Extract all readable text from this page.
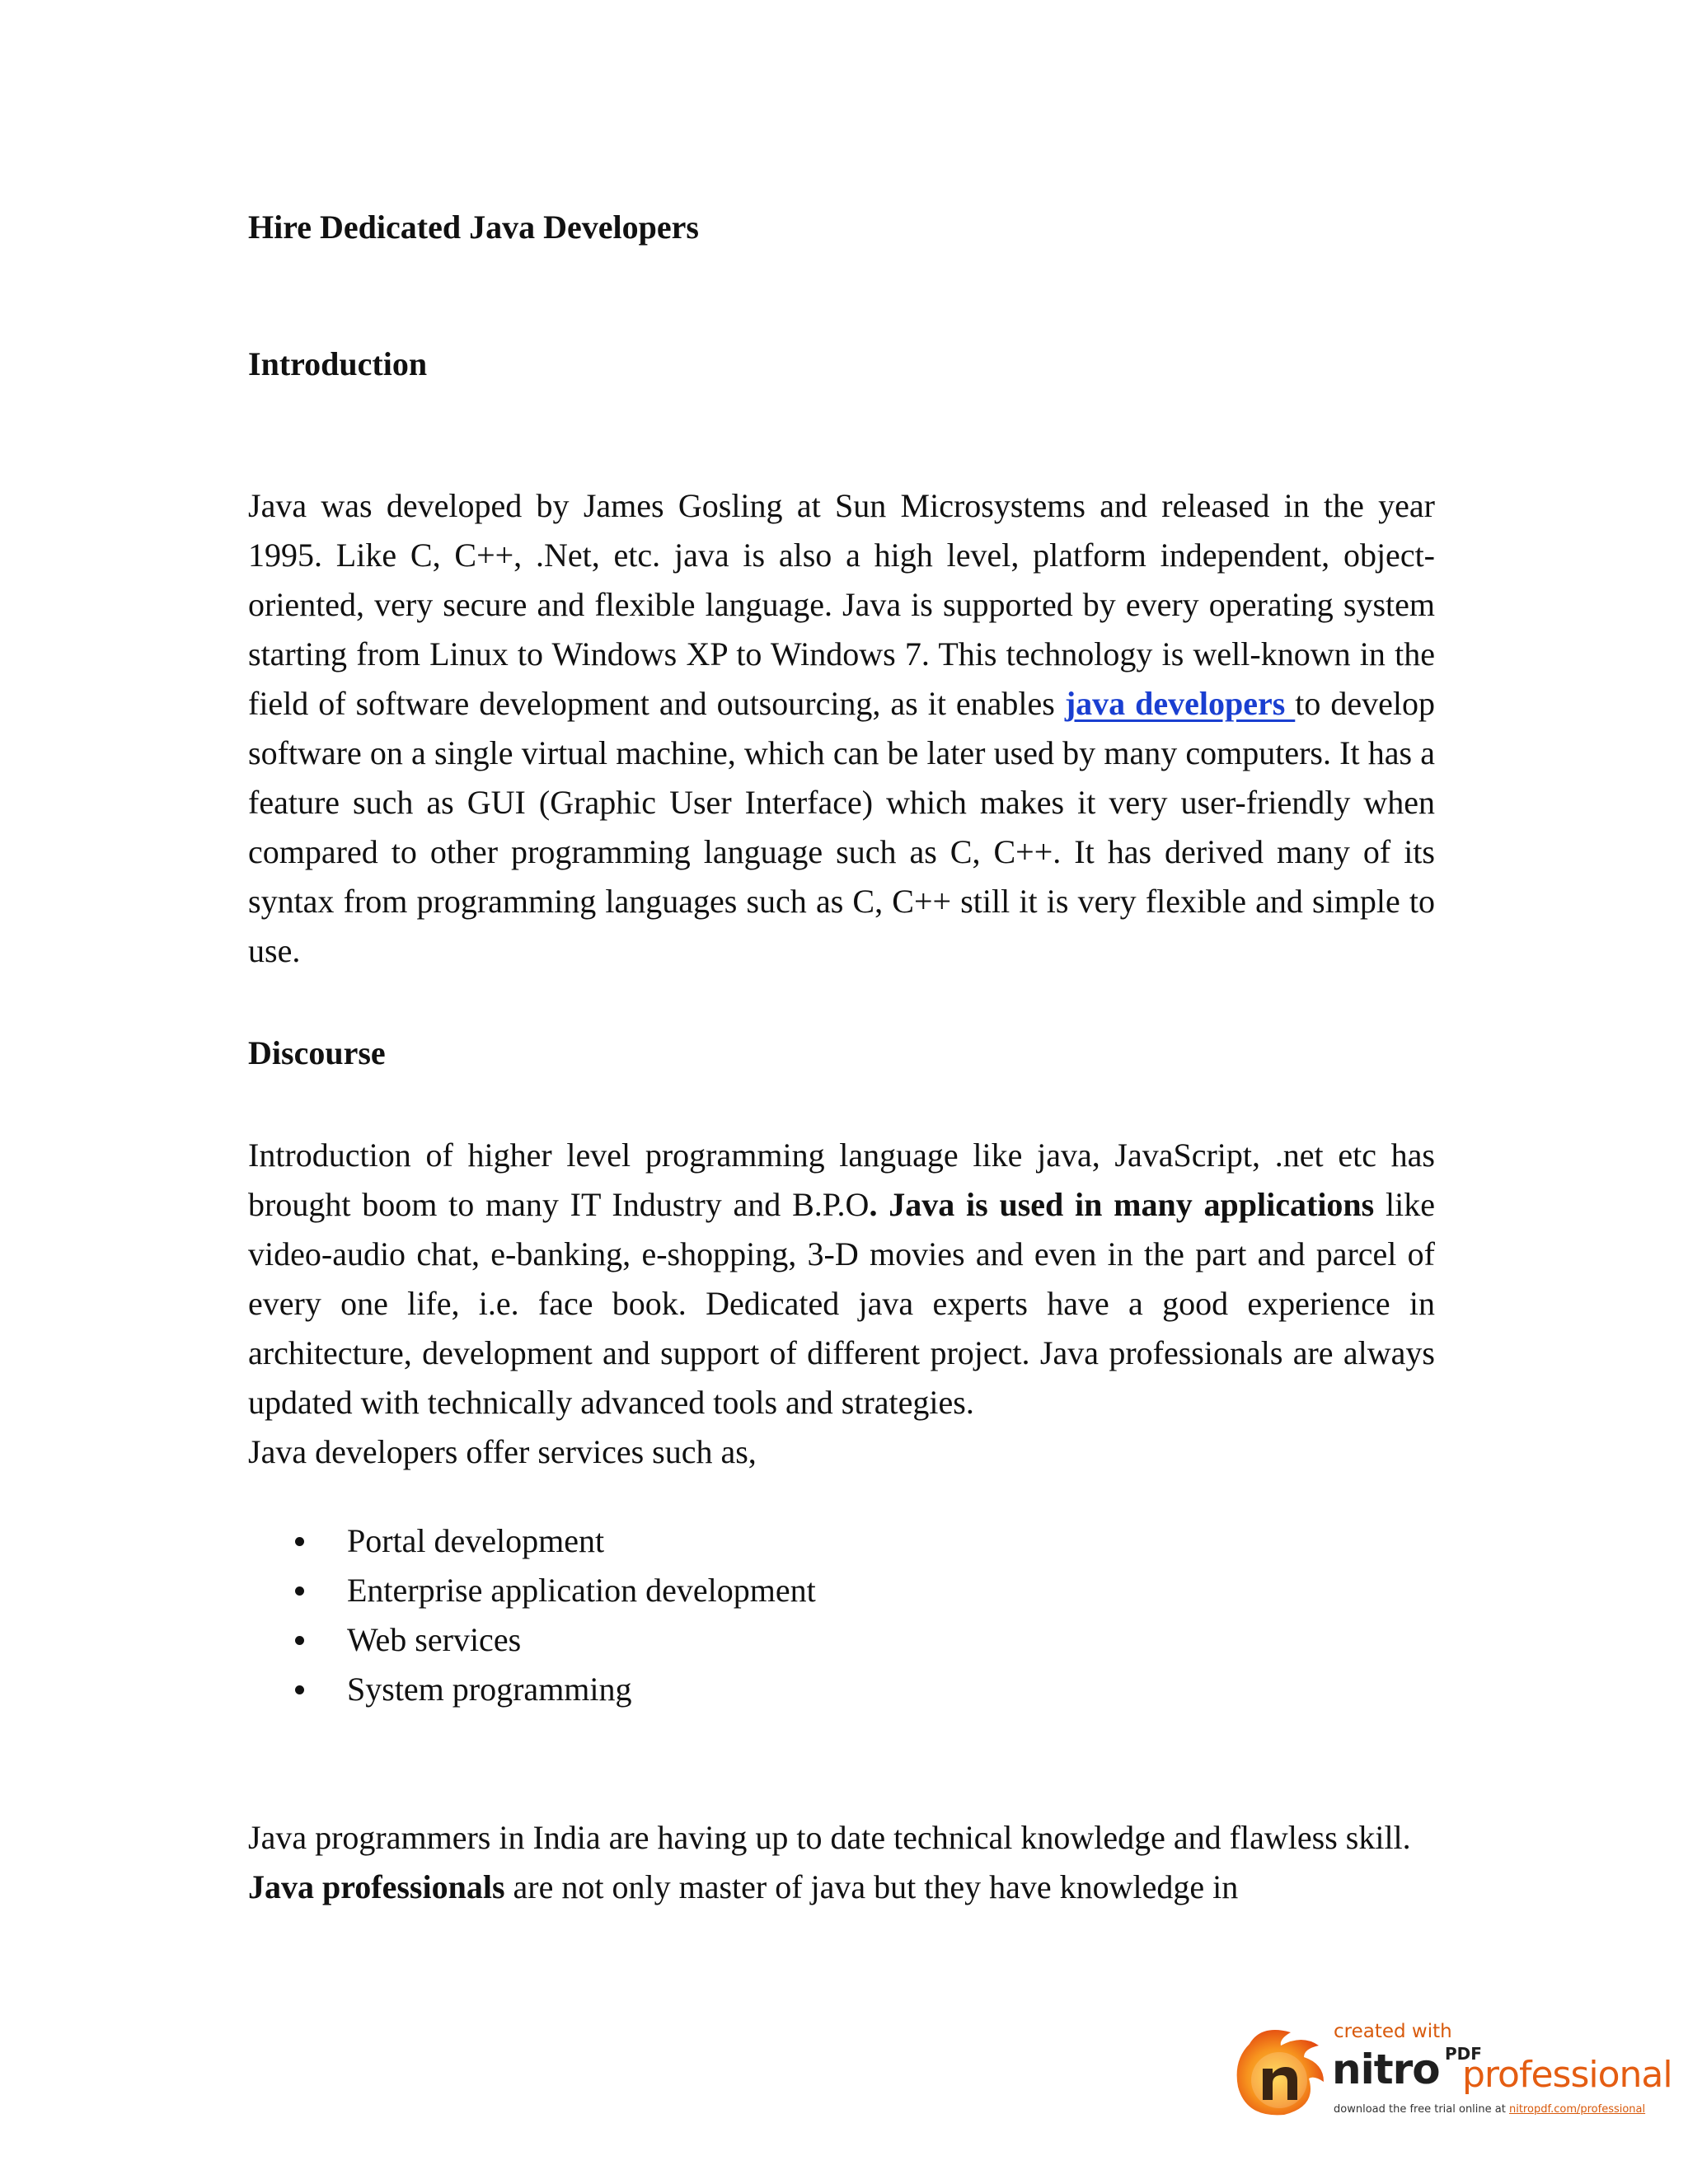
Hire Dedicated Java Developers
Introduction

Java was developed by James Gosling at Sun Microsystems and released in the year 1995. Like C, C++, .Net, etc. java is also a high level, platform independent, object-oriented, very secure and flexible language. Java is supported by every operating system starting from Linux to Windows XP to Windows 7. This technology is well-known in the field of software development and outsourcing, as it enables java developers to develop software on a single virtual machine, which can be later used by many computers. It has a feature such as GUI (Graphic User Interface) which makes it very user-friendly when compared to other programming language such as C, C++. It has derived many of its syntax from programming languages such as C, C++ still it is very flexible and simple to use.

Discourse

Introduction of higher level programming language like java, JavaScript, .net etc has brought boom to many IT Industry and B.P.O. Java is used in many applications like video-audio chat, e-banking, e-shopping, 3-D movies and even in the part and parcel of every one life, i.e. face book. Dedicated java experts have a good experience in architecture, development and support of different project. Java professionals are always updated with technically advanced tools and strategies.

Java developers offer services such as,

Portal development
Enterprise application development
Web services
System programming

Java programmers in India are having up to date technical knowledge and flawless skill. Java professionals are not only master of java but they have knowledge in

created with
nitro PDF
professional
download the free trial online at nitropdf.com/professional
